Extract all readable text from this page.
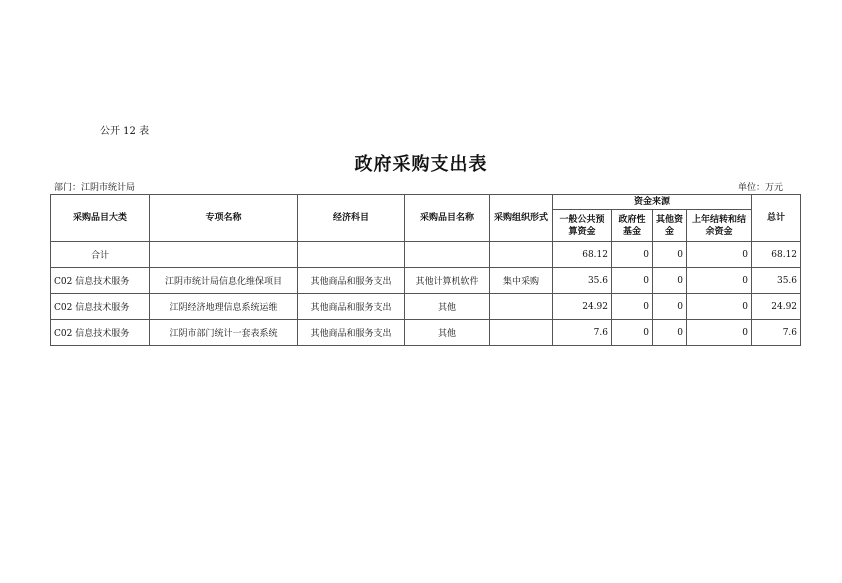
公开 12 表
政府采购支出表
部门：江阴市统计局	单位：万元
采购品目大类	专项名称	经济科目	采购品目名称	采购组织形式	资金来源				总计
					一般公共预算资金	政府性基金	其他资金	上年结转和结余资金	
合计					68.12	0	0	0	68.12
C02 信息技术服务	江阴市统计局信息化维保项目	其他商品和服务支出	其他计算机软件	集中采购	35.6	0	0	0	35.6
C02 信息技术服务	江阴经济地理信息系统运维	其他商品和服务支出	其他		24.92	0	0	0	24.92
C02 信息技术服务	江阴市部门统计一套表系统	其他商品和服务支出	其他		7.6	0	0	0	7.6
